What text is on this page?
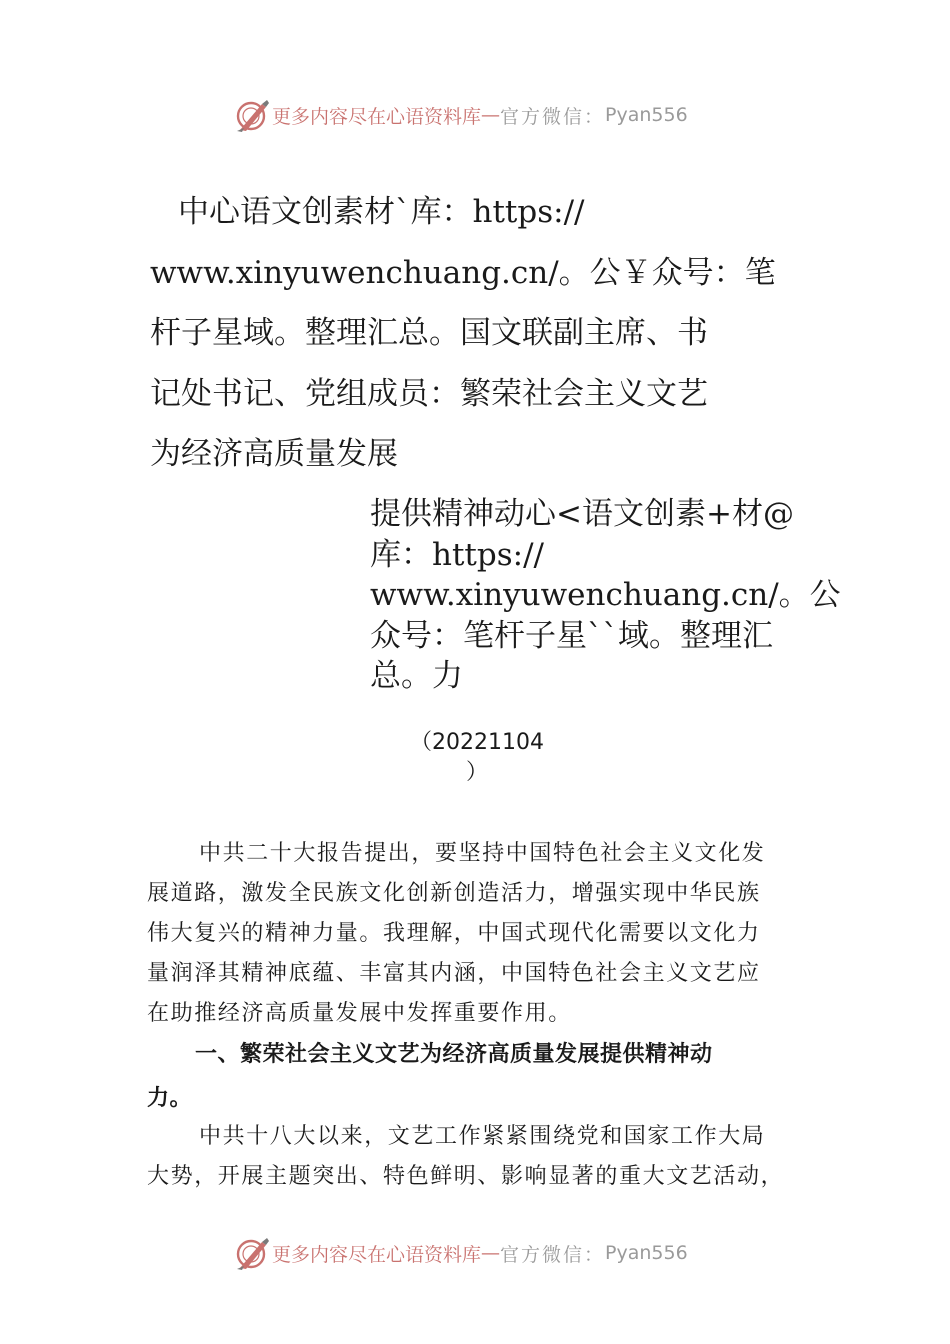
更多内容尽在心语资料库 — 官方微信： Pyan556
中心语文创素材`库：https://
www.xinyuwenchuang.cn/。公￥众号：笔
杆子星域。整理汇总。国文联副主席、书
记处书记、党组成员：繁荣社会主义文艺
为经济高质量发展
提供精神动心<语文创素+材@
库：https://
www.xinyuwenchuang.cn/。公
众号：笔杆子星``域。整理汇
总。力
（20221104
）
中共二十大报告提出，要坚持中国特色社会主义文化发
展道路，激发全民族文化创新创造活力，增强实现中华民族
伟大复兴的精神力量。我理解，中国式现代化需要以文化力
量润泽其精神底蕴、丰富其内涵，中国特色社会主义文艺应
在助推经济高质量发展中发挥重要作用。
一、繁荣社会主义文艺为经济高质量发展提供精神动
力。
中共十八大以来，文艺工作紧紧围绕党和国家工作大局
大势，开展主题突出、特色鲜明、影响显著的重大文艺活动，
更多内容尽在心语资料库 — 官方微信： Pyan556
